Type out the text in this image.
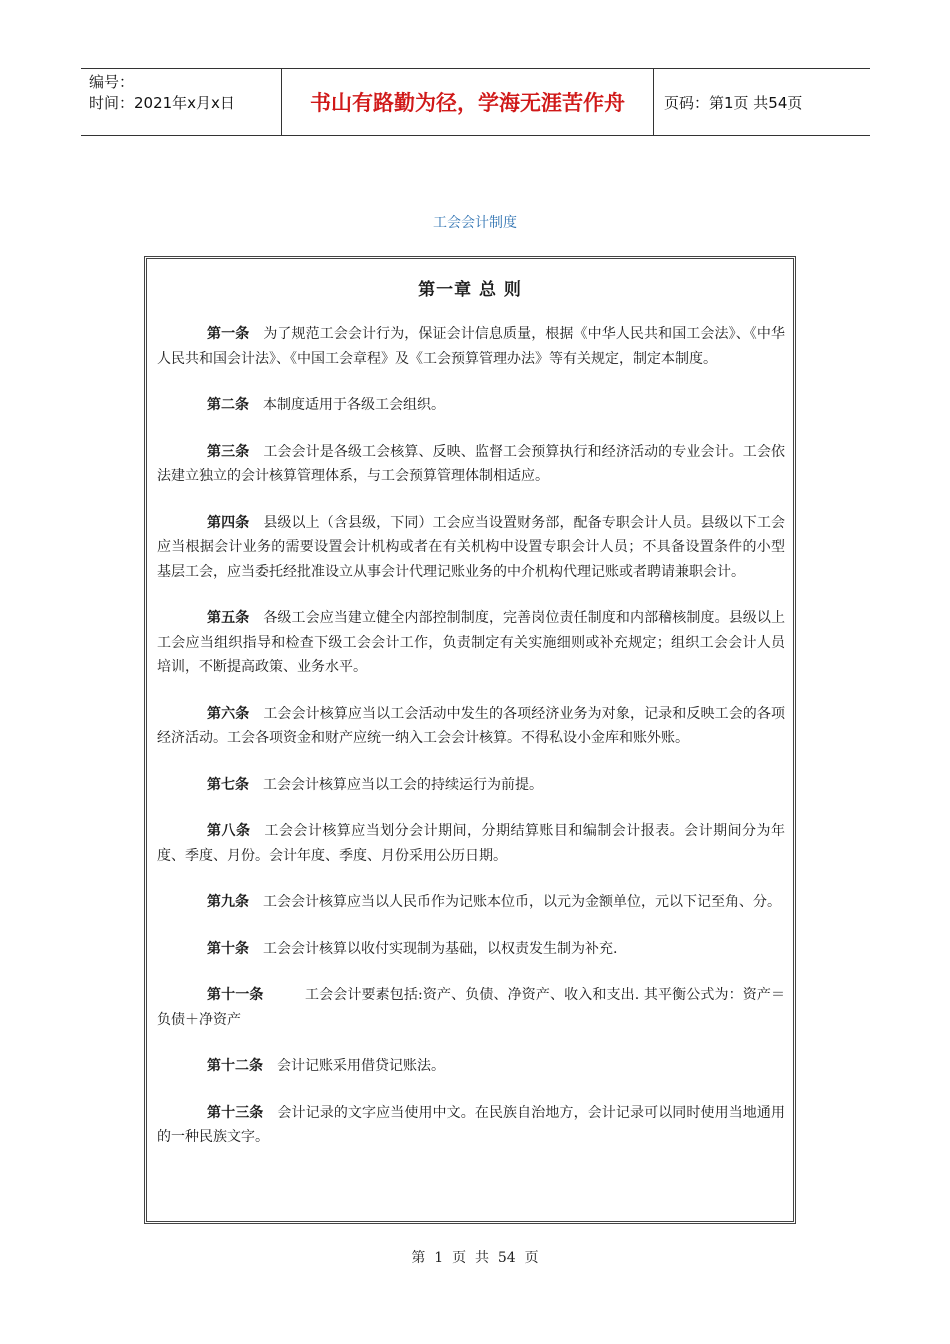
编号：
时间：2021年x月x日	书山有路勤为径，学海无涯苦作舟	页码：第1页 共54页
工会会计制度
第一章 总 则

第一条 为了规范工会会计行为，保证会计信息质量，根据《中华人民共和国工会法》、《中华人民共和国会计法》、《中国工会章程》及《工会预算管理办法》等有关规定，制定本制度。

第二条 本制度适用于各级工会组织。

第三条 工会会计是各级工会核算、反映、监督工会预算执行和经济活动的专业会计。工会依法建立独立的会计核算管理体系，与工会预算管理体制相适应。

第四条 县级以上（含县级，下同）工会应当设置财务部，配备专职会计人员。县级以下工会应当根据会计业务的需要设置会计机构或者在有关机构中设置专职会计人员；不具备设置条件的小型基层工会，应当委托经批准设立从事会计代理记账业务的中介机构代理记账或者聘请兼职会计。

第五条 各级工会应当建立健全内部控制制度，完善岗位责任制度和内部稽核制度。县级以上工会应当组织指导和检查下级工会会计工作，负责制定有关实施细则或补充规定；组织工会会计人员培训，不断提高政策、业务水平。

第六条 工会会计核算应当以工会活动中发生的各项经济业务为对象，记录和反映工会的各项经济活动。工会各项资金和财产应统一纳入工会会计核算。不得私设小金库和账外账。

第七条 工会会计核算应当以工会的持续运行为前提。

第八条 工会会计核算应当划分会计期间，分期结算账目和编制会计报表。会计期间分为年度、季度、月份。会计年度、季度、月份采用公历日期。

第九条 工会会计核算应当以人民币作为记账本位币，以元为金额单位，元以下记至角、分。

第十条 工会会计核算以收付实现制为基础，以权责发生制为补充.

第十一条      工会会计要素包括:资产、负债、净资产、收入和支出. 其平衡公式为：资产＝负债＋净资产

第十二条 会计记账采用借贷记账法。

第十三条 会计记录的文字应当使用中文。在民族自治地方，会计记录可以同时使用当地通用的一种民族文字。

第  1  页  共  54  页
